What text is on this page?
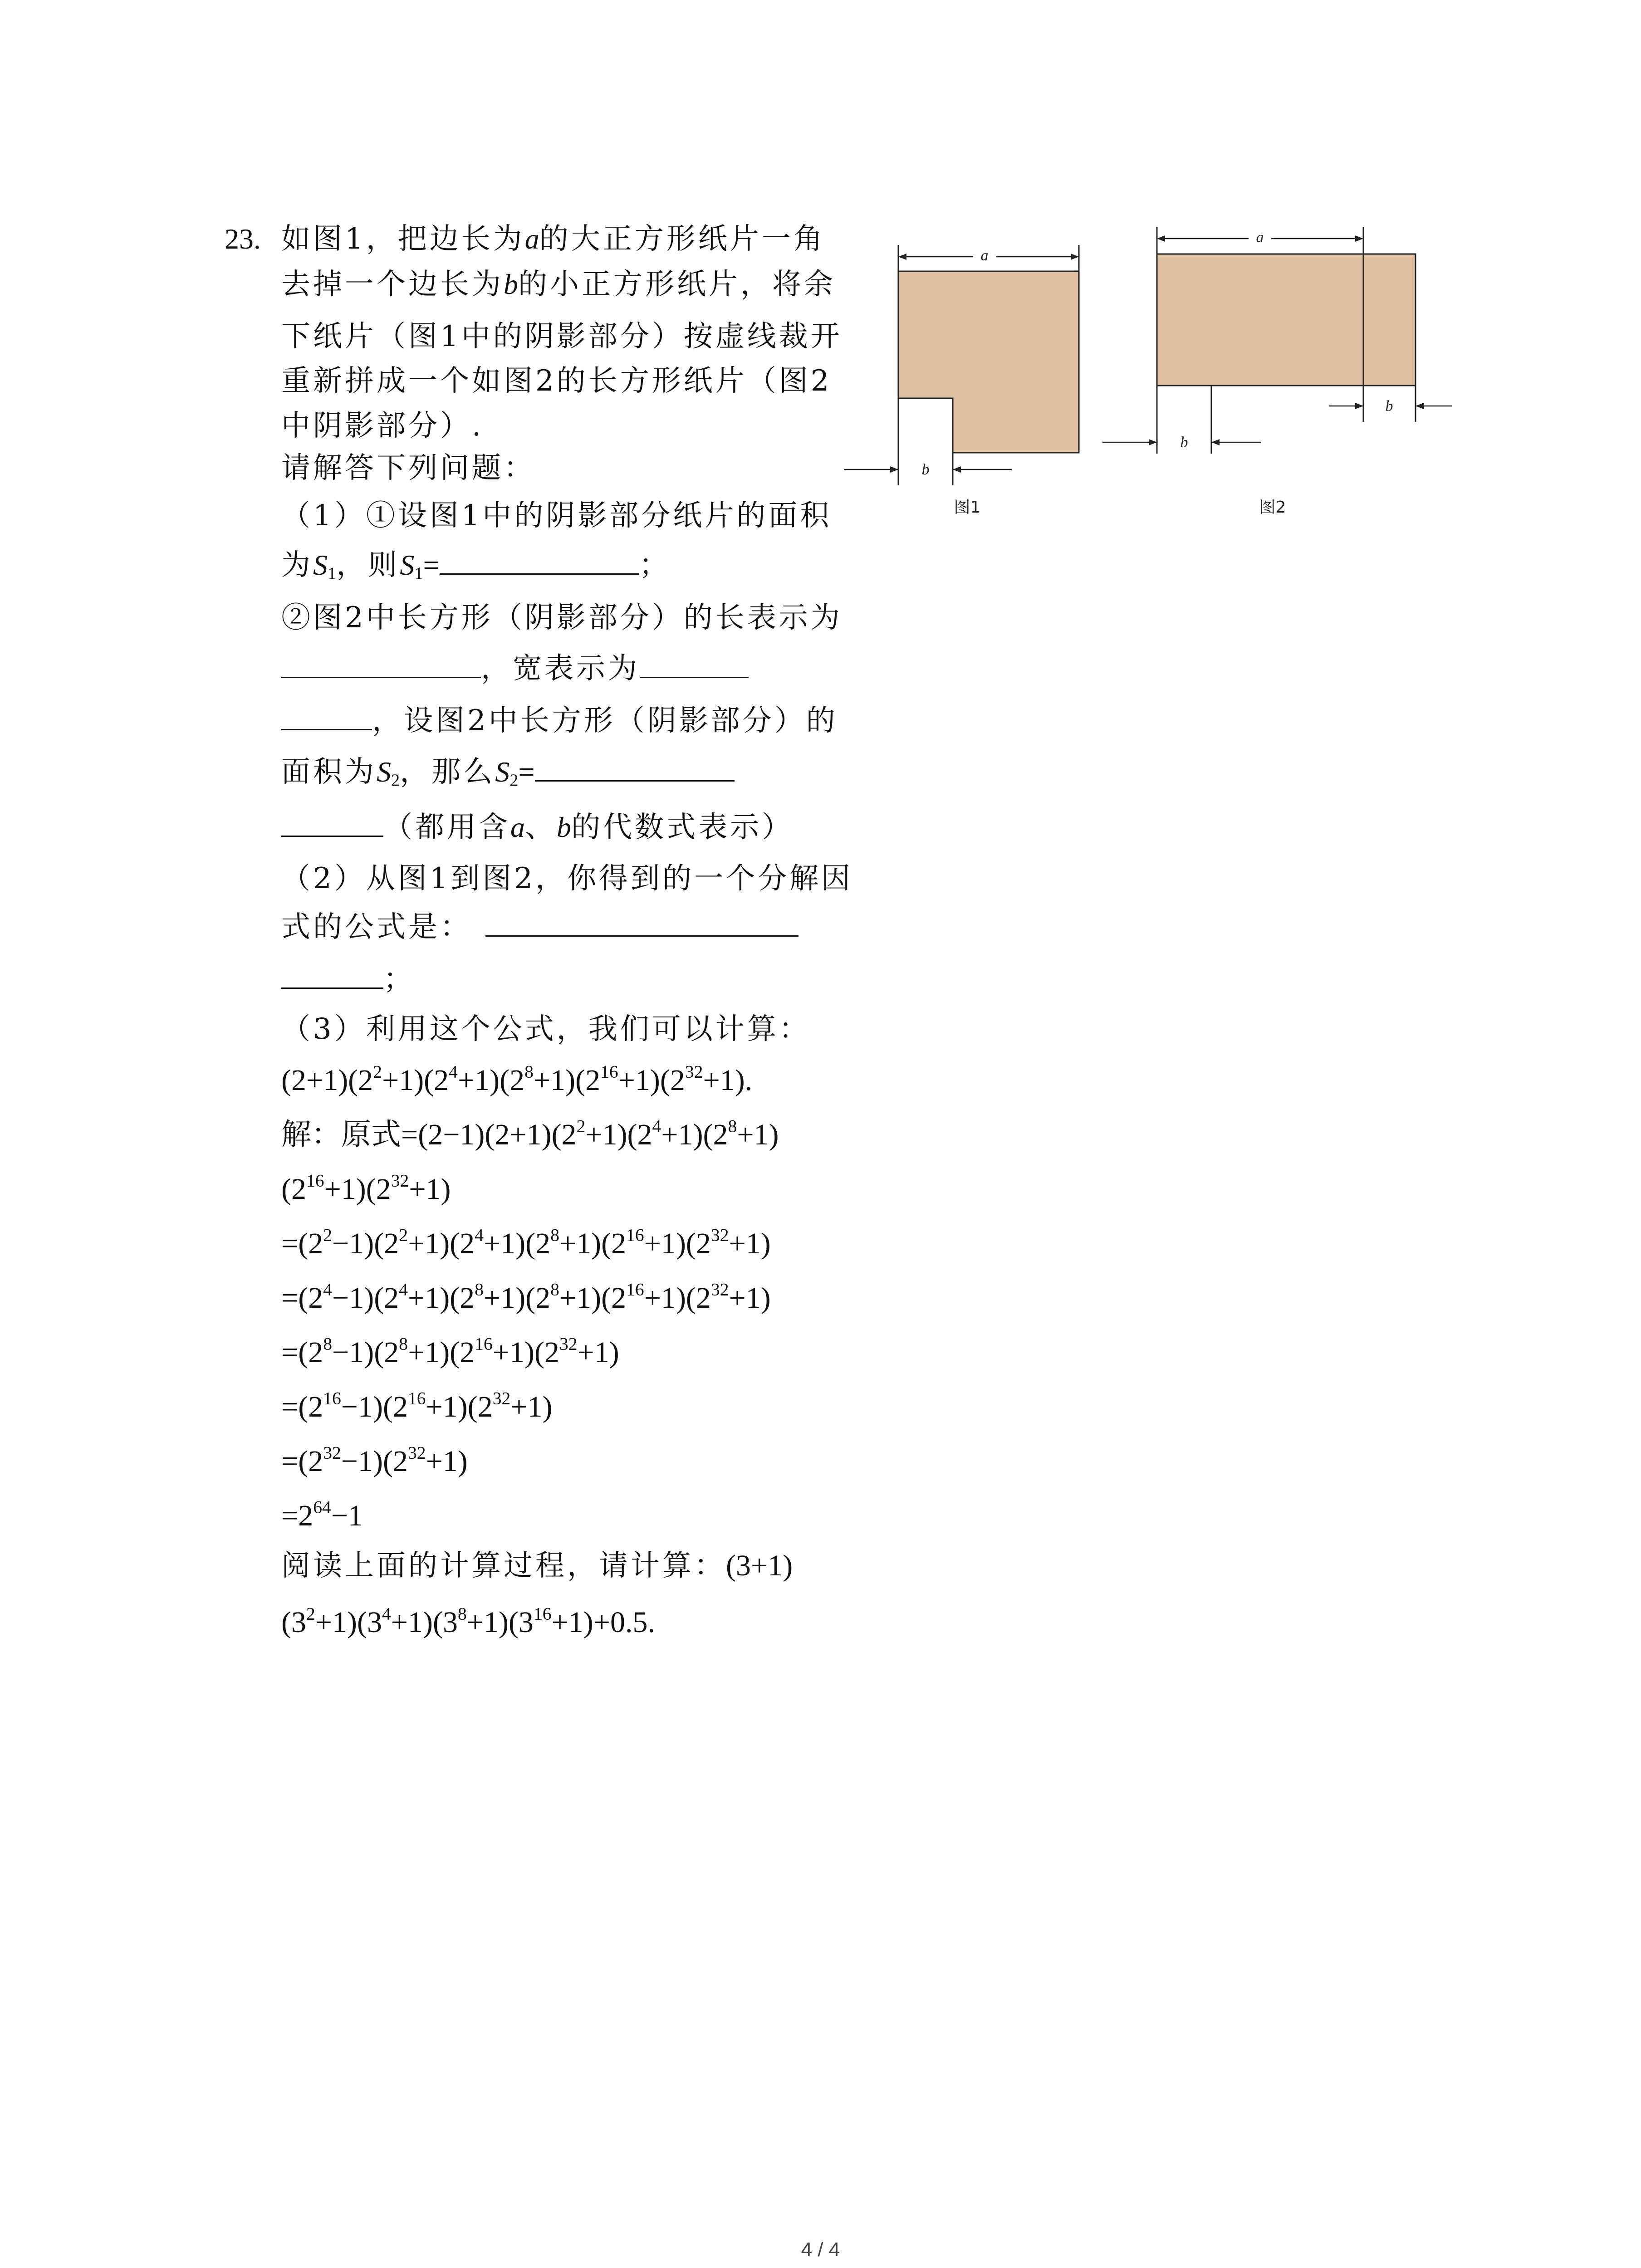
23. 如图1，把边长为a的大正方形纸片一角
去掉一个边长为b的小正方形纸片，将余
下纸片（图1中的阴影部分）按虚线裁开
重新拼成一个如图2的长方形纸片（图2
中阴影部分）.
请解答下列问题：
（1）①设图1中的阴影部分纸片的面积
为$S_1$，则$S_1=$	；
②图2中长方形（阴影部分）的长表示为
，宽表示为
，设图2中长方形（阴影部分）的
面积为$S_2$，那么$S_2=$
（都用含a、b的代数式表示）
（2）从图1到图2，你得到的一个分解因
式的公式是：
；
（3）利用这个公式，我们可以计算：
$(2+1)(2^2+1)(2^4+1)(2^8+1)(2^{16}+1)(2^{32}+1)$.
解：原式$=(2-1)(2+1)(2^2+1)(2^4+1)(2^8+1)$
$(2^{16}+1)(2^{32}+1)$
$=(2^2-1)(2^2+1)(2^4+1)(2^8+1)(2^{16}+1)(2^{32}+1)$
$=(2^4-1)(2^4+1)(2^8+1)(2^8+1)(2^{16}+1)(2^{32}+1)$
$=(2^8-1)(2^8+1)(2^{16}+1)(2^{32}+1)$
$=(2^{16}-1)(2^{16}+1)(2^{32}+1)$
$=(2^{32}-1)(2^{32}+1)$
$=2^{64}-1$
阅读上面的计算过程，请计算：(3+1)
$(3^2+1)(3^4+1)(3^8+1)(3^{16}+1)+0.5$.
a
b
图1
a
b
b
图2
4 / 4
